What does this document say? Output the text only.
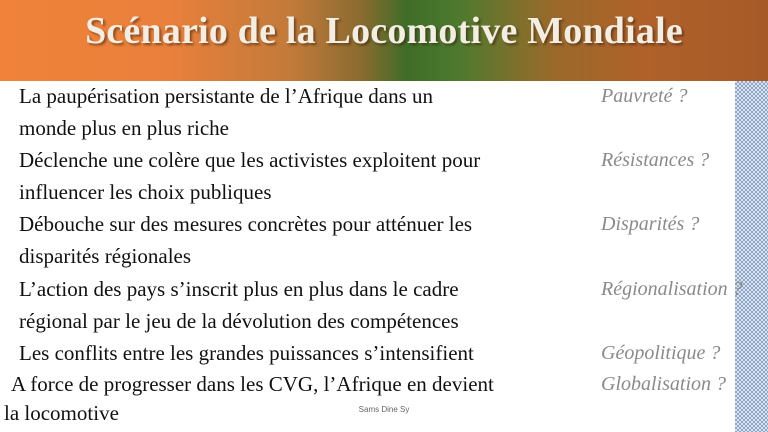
Scénario de la Locomotive Mondiale
La paupérisation persistante de l’Afrique dans un
monde plus en plus riche
Pauvreté ?
Déclenche une colère que les activistes exploitent pour
influencer les choix publiques
Résistances ?
Débouche sur des mesures concrètes pour atténuer les
disparités régionales
Disparités ?
L’action des pays s’inscrit plus en plus dans le cadre
régional par le jeu de la dévolution des compétences
Régionalisation ?
Les conflits entre les grandes puissances s’intensifient	Géopolitique ?
A force de progresser dans les CVG, l’Afrique en devient
la locomotive
Globalisation ?
Sams Dine Sy
